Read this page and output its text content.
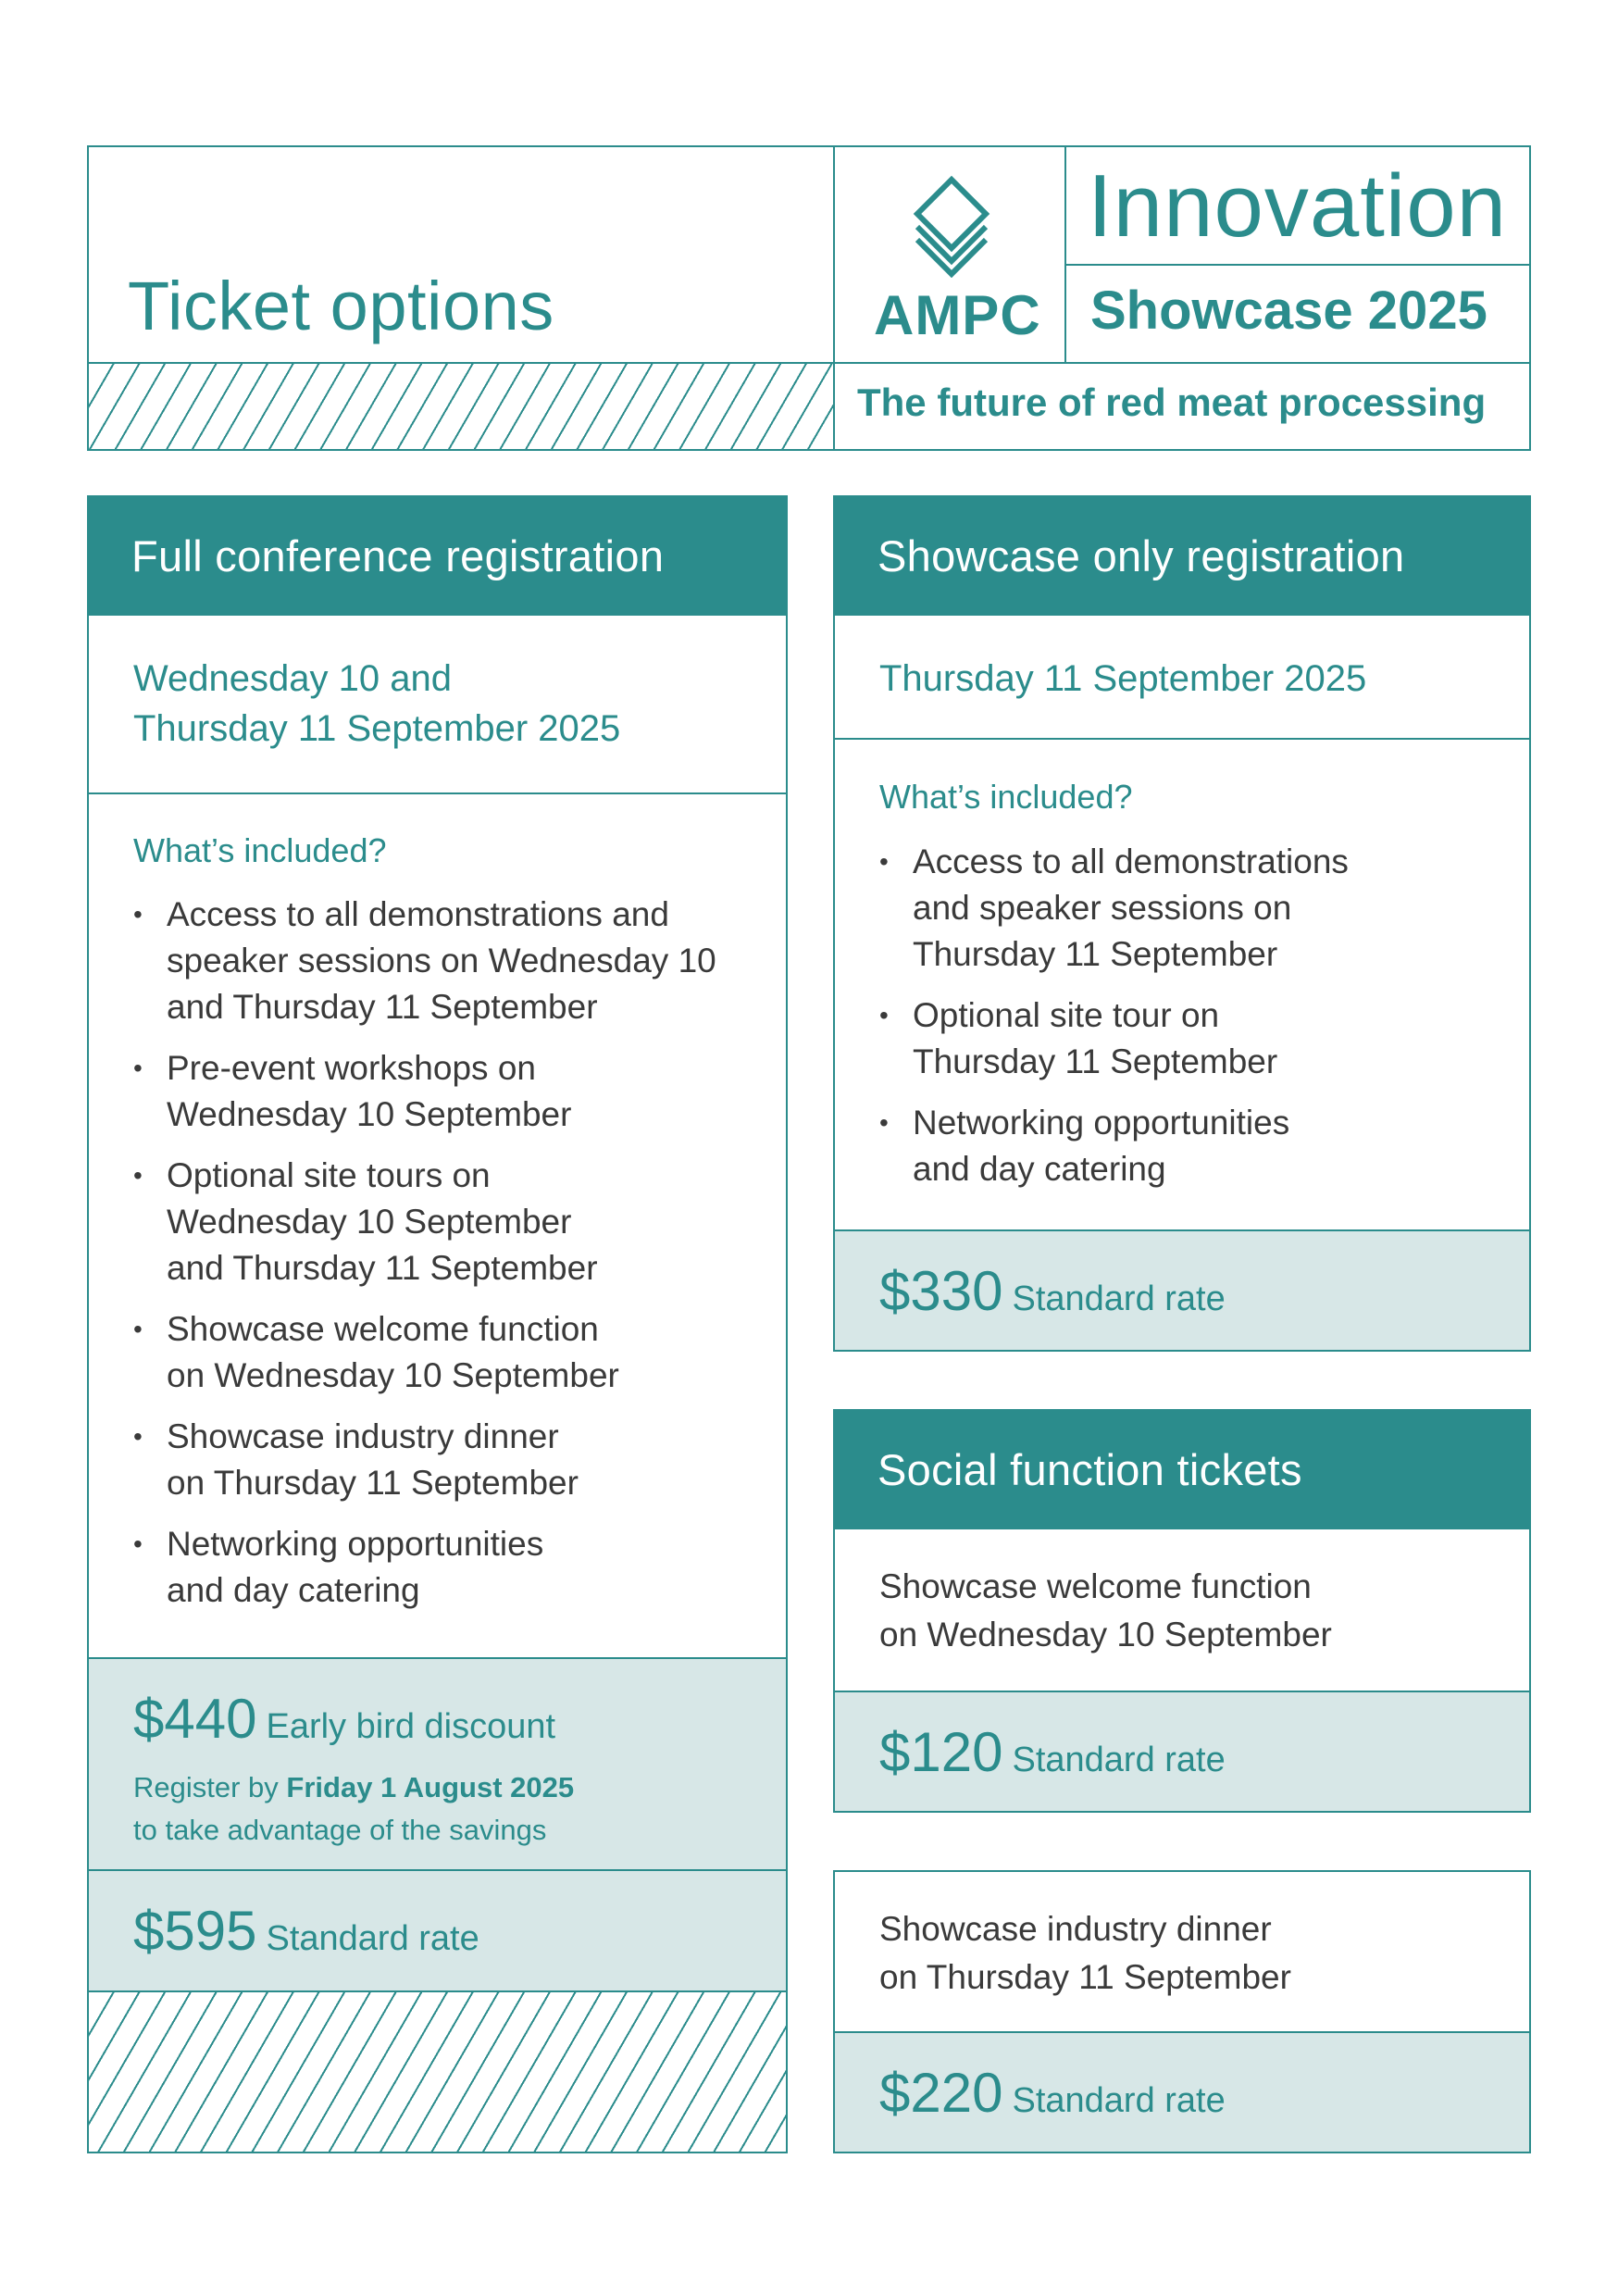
Ticket options	AMPC
Innovation
Showcase 2025
The future of red meat processing
Full conference registration
Wednesday 10 and
Thursday 11 September 2025
What’s included?
• Access to all demonstrations and
speaker sessions on Wednesday 10
and Thursday 11 September
• Pre-event workshops on
Wednesday 10 September
• Optional site tours on
Wednesday 10 September
and Thursday 11 September
• Showcase welcome function
on Wednesday 10 September
• Showcase industry dinner
on Thursday 11 September
• Networking opportunities
and day catering
$440 Early bird discount
Register by Friday 1 August 2025
to take advantage of the savings
$595 Standard rate
Showcase only registration
Thursday 11 September 2025
What’s included?
• Access to all demonstrations
and speaker sessions on
Thursday 11 September
• Optional site tour on
Thursday 11 September
• Networking opportunities
and day catering
$330 Standard rate
Social function tickets
Showcase welcome function
on Wednesday 10 September
$120 Standard rate
Showcase industry dinner
on Thursday 11 September
$220 Standard rate
